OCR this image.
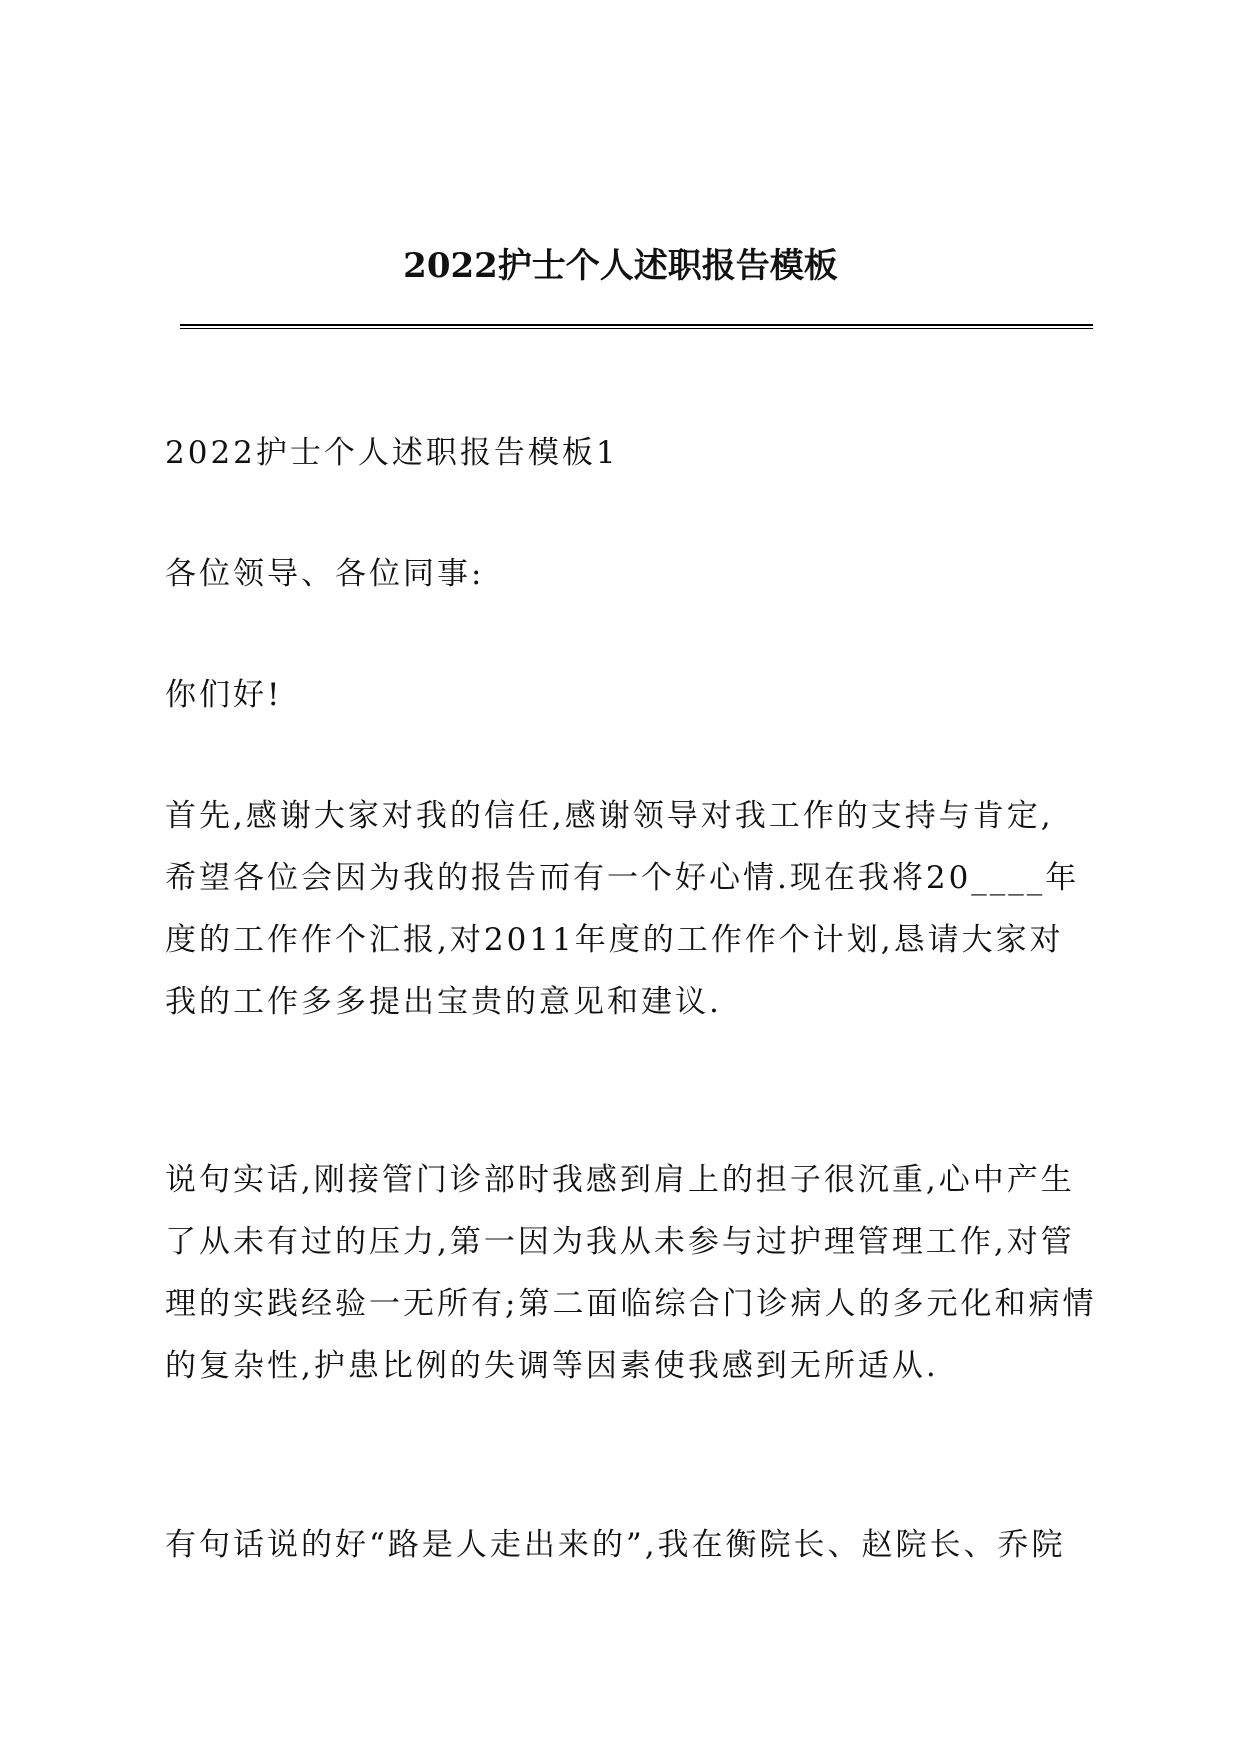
2022护士个人述职报告模板
2022护士个人述职报告模板1
各位领导、各位同事:
你们好!
首先,感谢大家对我的信任,感谢领导对我工作的支持与肯定,
希望各位会因为我的报告而有一个好心情.现在我将20____年
度的工作作个汇报,对2011年度的工作作个计划,恳请大家对
我的工作多多提出宝贵的意见和建议.
说句实话,刚接管门诊部时我感到肩上的担子很沉重,心中产生
了从未有过的压力,第一因为我从未参与过护理管理工作,对管
理的实践经验一无所有;第二面临综合门诊病人的多元化和病情
的复杂性,护患比例的失调等因素使我感到无所适从.
有句话说的好“路是人走出来的”,我在衡院长、赵院长、乔院
